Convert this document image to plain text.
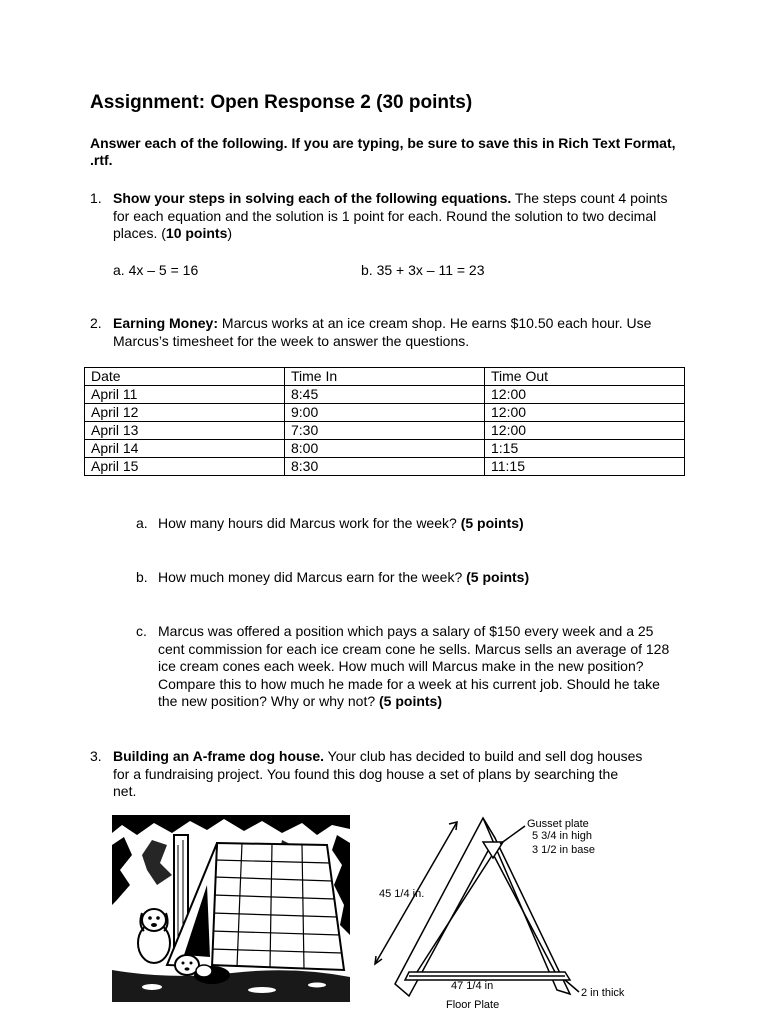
Assignment: Open Response 2 (30 points)
Answer each of the following. If you are typing, be sure to save this in Rich Text Format, .rtf.
1. Show your steps in solving each of the following equations. The steps count 4 points for each equation and the solution is 1 point for each. Round the solution to two decimal places. (10 points)
a. 4x – 5 = 16	b. 35 + 3x – 11 = 23
2. Earning Money: Marcus works at an ice cream shop. He earns $10.50 each hour. Use Marcus’s timesheet for the week to answer the questions.
Date	Time In	Time Out
April 11	8:45	12:00
April 12	9:00	12:00
April 13	7:30	12:00
April 14	8:00	1:15
April 15	8:30	11:15
a. How many hours did Marcus work for the week? (5 points)
b. How much money did Marcus earn for the week? (5 points)
c. Marcus was offered a position which pays a salary of $150 every week and a 25 cent commission for each ice cream cone he sells. Marcus sells an average of 128 ice cream cones each week. How much will Marcus make in the new position? Compare this to how much he made for a week at his current job. Should he take the new position? Why or why not? (5 points)
3. Building an A-frame dog house. Your club has decided to build and sell dog houses for a fundraising project. You found this dog house a set of plans by searching the net.
Gusset plate
5 3/4 in high
3 1/2 in base
45 1/4 in.
47 1/4 in
Floor Plate
2 in thick
